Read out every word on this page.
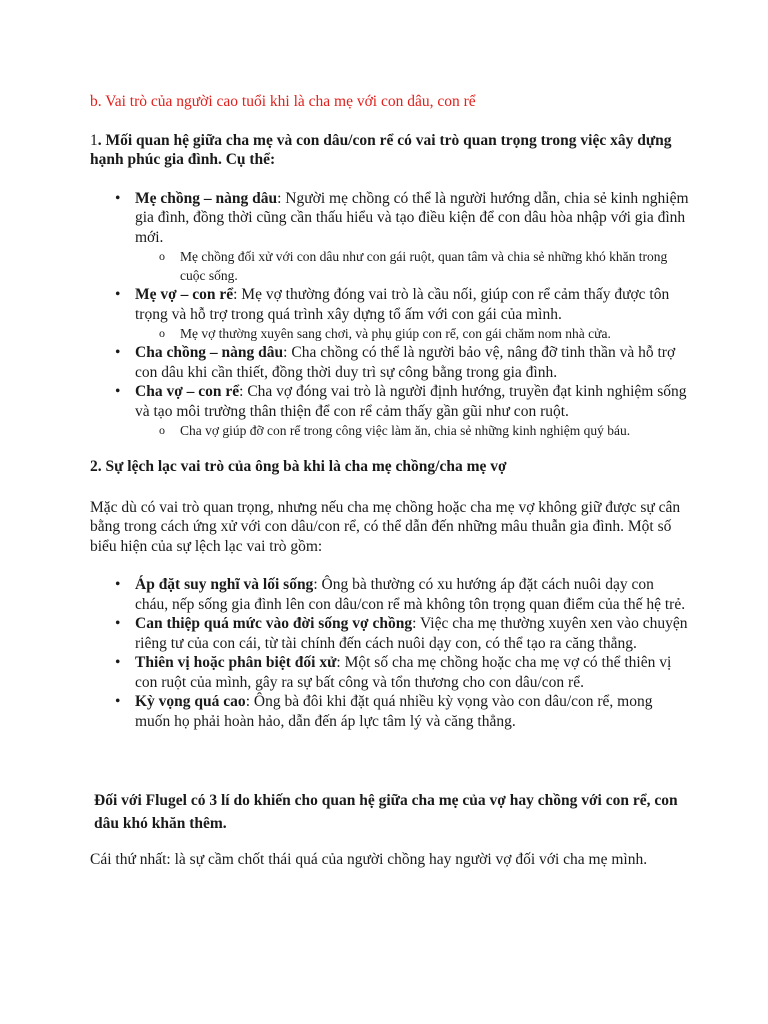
b. Vai trò của người cao tuổi khi là cha mẹ với con dâu, con rể

1. Mối quan hệ giữa cha mẹ và con dâu/con rể có vai trò quan trọng trong việc xây dựng hạnh phúc gia đình. Cụ thể:

• Mẹ chồng – nàng dâu: Người mẹ chồng có thể là người hướng dẫn, chia sẻ kinh nghiệm gia đình, đồng thời cũng cần thấu hiểu và tạo điều kiện để con dâu hòa nhập với gia đình mới.
o Mẹ chồng đối xử với con dâu như con gái ruột, quan tâm và chia sẻ những khó khăn trong cuộc sống.
• Mẹ vợ – con rể: Mẹ vợ thường đóng vai trò là cầu nối, giúp con rể cảm thấy được tôn trọng và hỗ trợ trong quá trình xây dựng tổ ấm với con gái của mình.
o Mẹ vợ thường xuyên sang chơi, và phụ giúp con rể, con gái chăm nom nhà cửa.
• Cha chồng – nàng dâu: Cha chồng có thể là người bảo vệ, nâng đỡ tinh thần và hỗ trợ con dâu khi cần thiết, đồng thời duy trì sự công bằng trong gia đình.
• Cha vợ – con rể: Cha vợ đóng vai trò là người định hướng, truyền đạt kinh nghiệm sống và tạo môi trường thân thiện để con rể cảm thấy gần gũi như con ruột.
o Cha vợ giúp đỡ con rể trong công việc làm ăn, chia sẻ những kinh nghiệm quý báu.

2. Sự lệch lạc vai trò của ông bà khi là cha mẹ chồng/cha mẹ vợ

Mặc dù có vai trò quan trọng, nhưng nếu cha mẹ chồng hoặc cha mẹ vợ không giữ được sự cân bằng trong cách ứng xử với con dâu/con rể, có thể dẫn đến những mâu thuẫn gia đình. Một số biểu hiện của sự lệch lạc vai trò gồm:

• Áp đặt suy nghĩ và lối sống: Ông bà thường có xu hướng áp đặt cách nuôi dạy con cháu, nếp sống gia đình lên con dâu/con rể mà không tôn trọng quan điểm của thế hệ trẻ.
• Can thiệp quá mức vào đời sống vợ chồng: Việc cha mẹ thường xuyên xen vào chuyện riêng tư của con cái, từ tài chính đến cách nuôi dạy con, có thể tạo ra căng thẳng.
• Thiên vị hoặc phân biệt đối xử: Một số cha mẹ chồng hoặc cha mẹ vợ có thể thiên vị con ruột của mình, gây ra sự bất công và tổn thương cho con dâu/con rể.
• Kỳ vọng quá cao: Ông bà đôi khi đặt quá nhiều kỳ vọng vào con dâu/con rể, mong muốn họ phải hoàn hảo, dẫn đến áp lực tâm lý và căng thẳng.

Đối với Flugel có 3 lí do khiến cho quan hệ giữa cha mẹ của vợ hay chồng với con rể, con dâu khó khăn thêm.

Cái thứ nhất: là sự cầm chốt thái quá của người chồng hay người vợ đối với cha mẹ mình.
